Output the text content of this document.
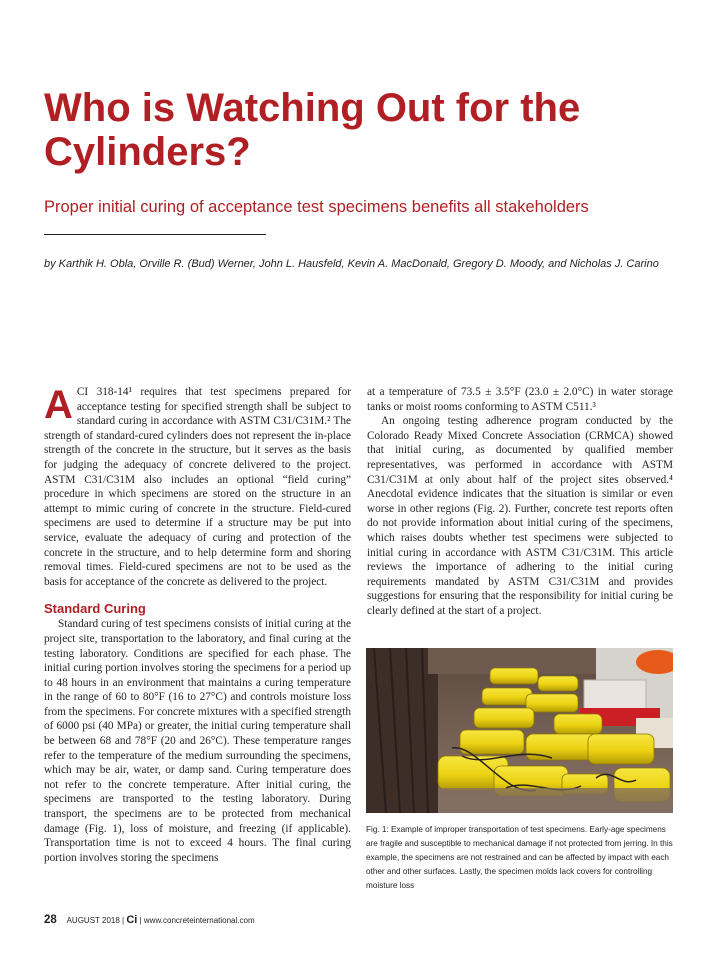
Who is Watching Out for the Cylinders?

Proper initial curing of acceptance test specimens benefits all stakeholders

by Karthik H. Obla, Orville R. (Bud) Werner, John L. Hausfeld, Kevin A. MacDonald, Gregory D. Moody, and Nicholas J. Carino

ACI 318-14¹ requires that test specimens prepared for acceptance testing for specified strength shall be subject to standard curing in accordance with ASTM C31/C31M.² The strength of standard-cured cylinders does not represent the in-place strength of the concrete in the structure, but it serves as the basis for judging the adequacy of concrete delivered to the project. ASTM C31/C31M also includes an optional “field curing” procedure in which specimens are stored on the structure in an attempt to mimic curing of concrete in the structure. Field-cured specimens are used to determine if a structure may be put into service, evaluate the adequacy of curing and protection of the concrete in the structure, and to help determine form and shoring removal times. Field-cured specimens are not to be used as the basis for acceptance of the concrete as delivered to the project.

Standard Curing

Standard curing of test specimens consists of initial curing at the project site, transportation to the laboratory, and final curing at the testing laboratory. Conditions are specified for each phase. The initial curing portion involves storing the specimens for a period up to 48 hours in an environment that maintains a curing temperature in the range of 60 to 80°F (16 to 27°C) and controls moisture loss from the specimens. For concrete mixtures with a specified strength of 6000 psi (40 MPa) or greater, the initial curing temperature shall be between 68 and 78°F (20 and 26°C). These temperature ranges refer to the temperature of the medium surrounding the specimens, which may be air, water, or damp sand. Curing temperature does not refer to the concrete temperature. After initial curing, the specimens are transported to the testing laboratory. During transport, the specimens are to be protected from mechanical damage (Fig. 1), loss of moisture, and freezing (if applicable). Transportation time is not to exceed 4 hours. The final curing portion involves storing the specimens

at a temperature of 73.5 ± 3.5°F (23.0 ± 2.0°C) in water storage tanks or moist rooms conforming to ASTM C511.³

An ongoing testing adherence program conducted by the Colorado Ready Mixed Concrete Association (CRMCA) showed that initial curing, as documented by qualified member representatives, was performed in accordance with ASTM C31/C31M at only about half of the project sites observed.⁴ Anecdotal evidence indicates that the situation is similar or even worse in other regions (Fig. 2). Further, concrete test reports often do not provide information about initial curing of the specimens, which raises doubts whether test specimens were subjected to initial curing in accordance with ASTM C31/C31M. This article reviews the importance of adhering to the initial curing requirements mandated by ASTM C31/C31M and provides suggestions for ensuring that the responsibility for initial curing be clearly defined at the start of a project.

Fig. 1: Example of improper transportation of test specimens. Early-age specimens are fragile and susceptible to mechanical damage if not protected from jerring. In this example, the specimens are not restrained and can be affected by impact with each other and other surfaces. Lastly, the specimen molds lack covers for controlling moisture loss

28 AUGUST 2018 | Ci | www.concreteinternational.com
